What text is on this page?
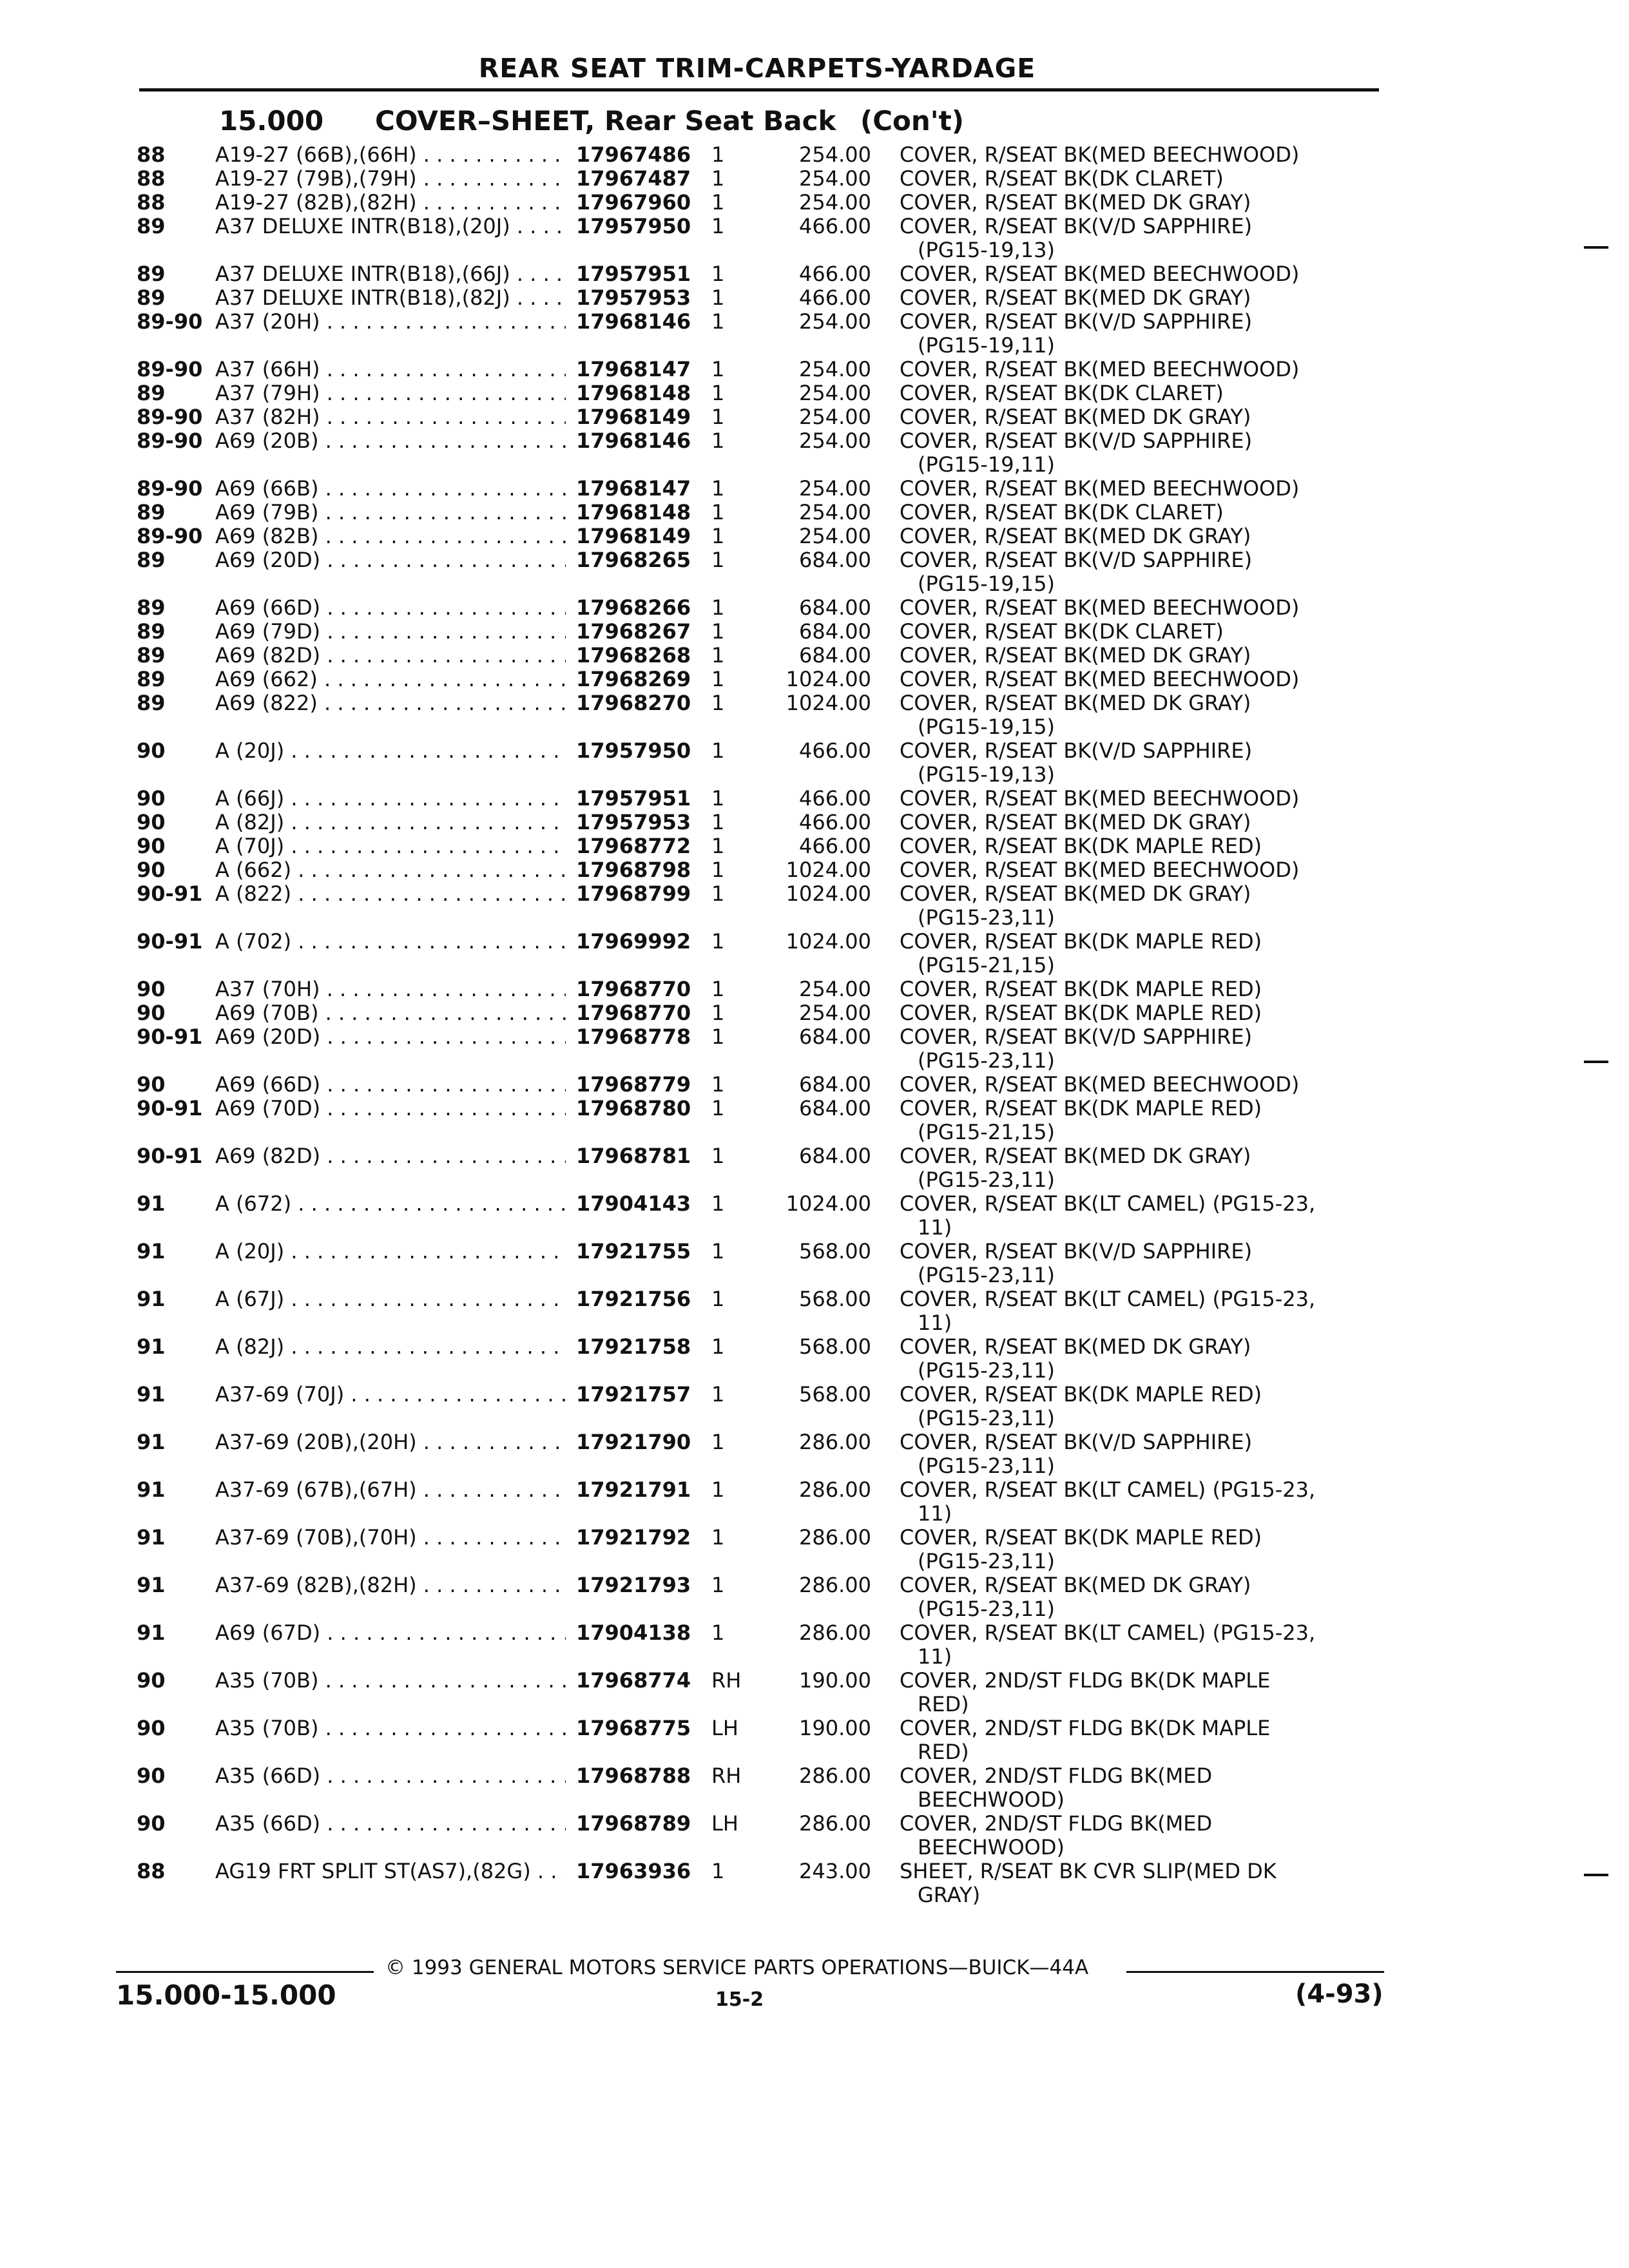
REAR SEAT TRIM-CARPETS-YARDAGE

15.000

COVER–SHEET, Rear Seat Back

(Con't)

88 A19-27 (66B),(66H) . . .	17967486 1	254.00 COVER, R/SEAT BK(MED BEECHWOOD)
88 A19-27 (79B),(79H) . . .	17967487 1	254.00 COVER, R/SEAT BK(DK CLARET)
88 A19-27 (82B),(82H) . . .	17967960 1	254.00 COVER, R/SEAT BK(MED DK GRAY)
89 A37 DELUXE INTR(B18),(20J) . . .	17957950 1	466.00 COVER, R/SEAT BK(V/D SAPPHIRE)
(PG15-19,13)
89 A37 DELUXE INTR(B18),(66J) . . .	17957951 1	466.00 COVER, R/SEAT BK(MED BEECHWOOD)
89 A37 DELUXE INTR(B18),(82J) . . .	17957953 1	466.00 COVER, R/SEAT BK(MED DK GRAY)
89-90 A37 (20H) . . .	17968146 1	254.00 COVER, R/SEAT BK(V/D SAPPHIRE)
(PG15-19,11)
89-90 A37 (66H) . . .	17968147 1	254.00 COVER, R/SEAT BK(MED BEECHWOOD)
89 A37 (79H) . . .	17968148 1	254.00 COVER, R/SEAT BK(DK CLARET)
89-90 A37 (82H) . . .	17968149 1	254.00 COVER, R/SEAT BK(MED DK GRAY)
89-90 A69 (20B) . . .	17968146 1	254.00 COVER, R/SEAT BK(V/D SAPPHIRE)
(PG15-19,11)
89-90 A69 (66B) . . .	17968147 1	254.00 COVER, R/SEAT BK(MED BEECHWOOD)
89 A69 (79B) . . .	17968148 1	254.00 COVER, R/SEAT BK(DK CLARET)
89-90 A69 (82B) . . .	17968149 1	254.00 COVER, R/SEAT BK(MED DK GRAY)
89 A69 (20D) . . .	17968265 1	684.00 COVER, R/SEAT BK(V/D SAPPHIRE)
(PG15-19,15)
89 A69 (66D) . . .	17968266 1	684.00 COVER, R/SEAT BK(MED BEECHWOOD)
89 A69 (79D) . . .	17968267 1	684.00 COVER, R/SEAT BK(DK CLARET)
89 A69 (82D) . . .	17968268 1	684.00 COVER, R/SEAT BK(MED DK GRAY)
89 A69 (662) . . .	17968269 1	1024.00 COVER, R/SEAT BK(MED BEECHWOOD)
89 A69 (822) . . .	17968270 1	1024.00 COVER, R/SEAT BK(MED DK GRAY)
(PG15-19,15)
90 A (20J) . . .	17957950 1	466.00 COVER, R/SEAT BK(V/D SAPPHIRE)
(PG15-19,13)
90 A (66J) . . .	17957951 1	466.00 COVER, R/SEAT BK(MED BEECHWOOD)
90 A (82J) . . .	17957953 1	466.00 COVER, R/SEAT BK(MED DK GRAY)
90 A (70J) . . .	17968772 1	466.00 COVER, R/SEAT BK(DK MAPLE RED)
90 A (662) . . .	17968798 1	1024.00 COVER, R/SEAT BK(MED BEECHWOOD)
90-91 A (822) . . .	17968799 1	1024.00 COVER, R/SEAT BK(MED DK GRAY)
(PG15-23,11)
90-91 A (702) . . .	17969992 1	1024.00 COVER, R/SEAT BK(DK MAPLE RED)
(PG15-21,15)
90 A37 (70H) . . .	17968770 1	254.00 COVER, R/SEAT BK(DK MAPLE RED)
90 A69 (70B) . . .	17968770 1	254.00 COVER, R/SEAT BK(DK MAPLE RED)
90-91 A69 (20D) . . .	17968778 1	684.00 COVER, R/SEAT BK(V/D SAPPHIRE)
(PG15-23,11)
90 A69 (66D) . . .	17968779 1	684.00 COVER, R/SEAT BK(MED BEECHWOOD)
90-91 A69 (70D) . . .	17968780 1	684.00 COVER, R/SEAT BK(DK MAPLE RED)
(PG15-21,15)
90-91 A69 (82D) . . .	17968781 1	684.00 COVER, R/SEAT BK(MED DK GRAY)
(PG15-23,11)
91 A (672) . . .	17904143 1	1024.00 COVER, R/SEAT BK(LT CAMEL) (PG15-23,
11)
91 A (20J) . . .	17921755 1	568.00 COVER, R/SEAT BK(V/D SAPPHIRE)
(PG15-23,11)
91 A (67J) . . .	17921756 1	568.00 COVER, R/SEAT BK(LT CAMEL) (PG15-23,
11)
91 A (82J) . . .	17921758 1	568.00 COVER, R/SEAT BK(MED DK GRAY)
(PG15-23,11)
91 A37-69 (70J) . . .	17921757 1	568.00 COVER, R/SEAT BK(DK MAPLE RED)
(PG15-23,11)
91 A37-69 (20B),(20H) . . .	17921790 1	286.00 COVER, R/SEAT BK(V/D SAPPHIRE)
(PG15-23,11)
91 A37-69 (67B),(67H) . . .	17921791 1	286.00 COVER, R/SEAT BK(LT CAMEL) (PG15-23,
11)
91 A37-69 (70B),(70H) . . .	17921792 1	286.00 COVER, R/SEAT BK(DK MAPLE RED)
(PG15-23,11)
91 A37-69 (82B),(82H) . . .	17921793 1	286.00 COVER, R/SEAT BK(MED DK GRAY)
(PG15-23,11)
91 A69 (67D) . . .	17904138 1	286.00 COVER, R/SEAT BK(LT CAMEL) (PG15-23,
11)
90 A35 (70B) . . .	17968774 RH	190.00 COVER, 2ND/ST FLDG BK(DK MAPLE
RED)
90 A35 (70B) . . .	17968775 LH	190.00 COVER, 2ND/ST FLDG BK(DK MAPLE
RED)
90 A35 (66D) . . .	17968788 RH	286.00 COVER, 2ND/ST FLDG BK(MED
BEECHWOOD)
90 A35 (66D) . . .	17968789 LH	286.00 COVER, 2ND/ST FLDG BK(MED
BEECHWOOD)
88 AG19 FRT SPLIT ST(AS7),(82G) . . .	17963936 1	243.00 SHEET, R/SEAT BK CVR SLIP(MED DK
GRAY)
© 1993 GENERAL MOTORS SERVICE PARTS OPERATIONS—BUICK—44A
15.000-15.000	15-2	(4-93)
